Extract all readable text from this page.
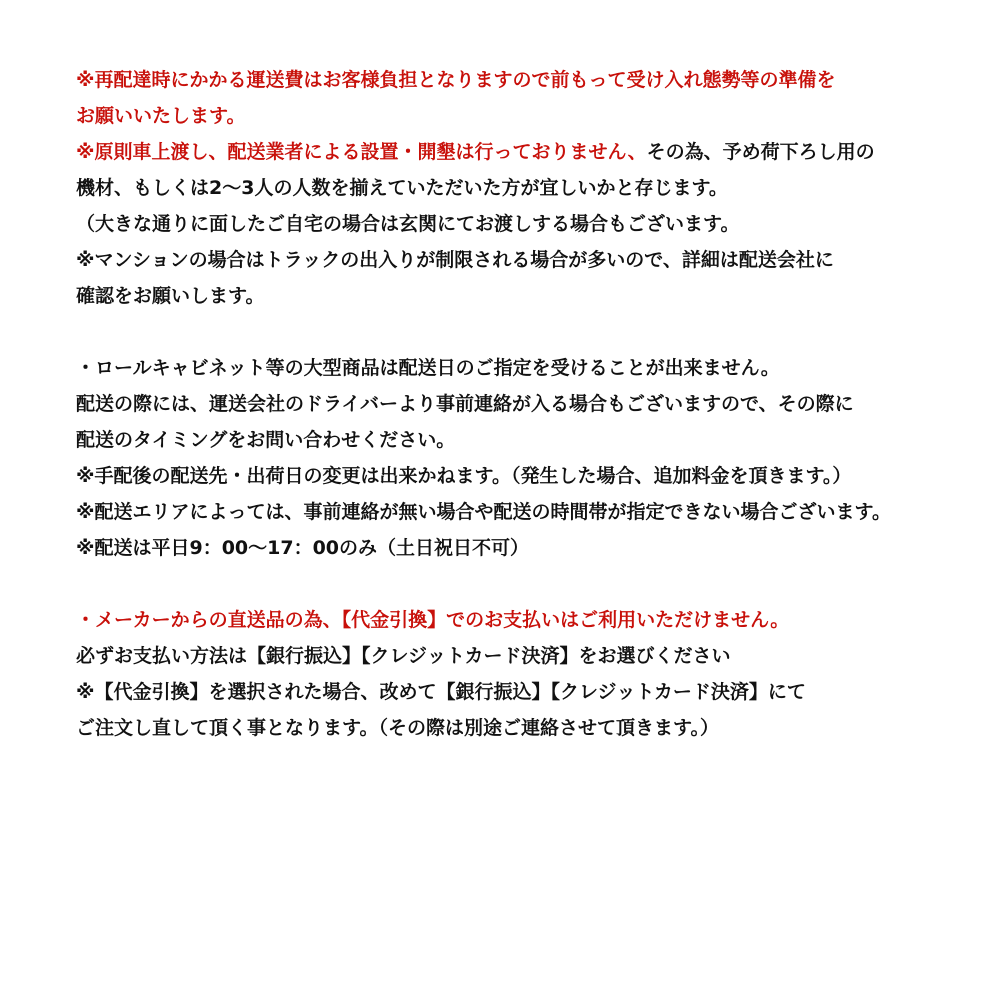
※再配達時にかかる運送費はお客様負担となりますので前もって受け入れ態勢等の準備を
お願いいたします。
※原則車上渡し、配送業者による設置・開墾は行っておりません、その為、予め荷下ろし用の
機材、もしくは2〜3人の人数を揃えていただいた方が宜しいかと存じます。
（大きな通りに面したご自宅の場合は玄関にてお渡しする場合もございます。
※マンションの場合はトラックの出入りが制限される場合が多いので、詳細は配送会社に
確認をお願いします。
・ロールキャビネット等の大型商品は配送日のご指定を受けることが出来ません。
配送の際には、運送会社のドライバーより事前連絡が入る場合もございますので、その際に
配送のタイミングをお問い合わせください。
※手配後の配送先・出荷日の変更は出来かねます。（発生した場合、追加料金を頂きます。）
※配送エリアによっては、事前連絡が無い場合や配送の時間帯が指定できない場合ございます。
※配送は平日9：00〜17：00のみ（土日祝日不可）
・メーカーからの直送品の為、【代金引換】でのお支払いはご利用いただけません。
必ずお支払い方法は【銀行振込】【クレジットカード決済】をお選びください
※【代金引換】を選択された場合、改めて【銀行振込】【クレジットカード決済】にて
ご注文し直して頂く事となります。（その際は別途ご連絡させて頂きます。）
